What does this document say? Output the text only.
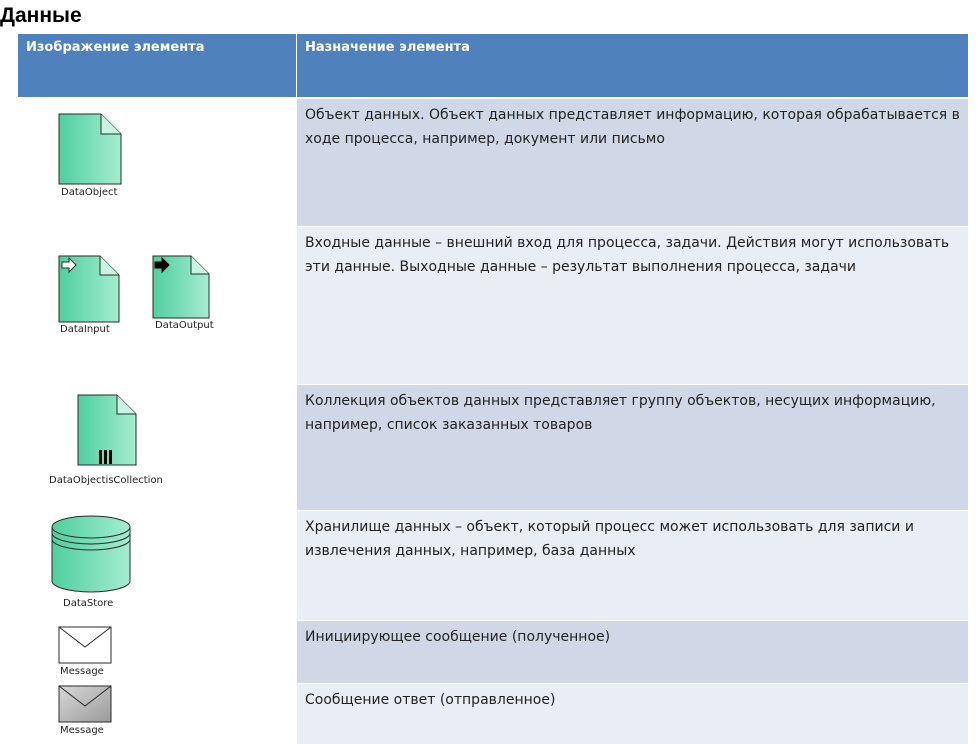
Данные
Изображение элемента	Назначение элемента
DataObject
Объект данных. Объект данных представляет информацию, которая обрабатывается в ходе процесса, например, документ или письмо
DataInput	DataOutput
Входные данные – внешний вход для процесса, задачи. Действия могут использовать эти данные. Выходные данные – результат выполнения процесса, задачи
DataObjectisCollection
Коллекция объектов данных представляет группу объектов, несущих информацию, например, список заказанных товаров
DataStore
Хранилище данных – объект, который процесс может использовать для записи и извлечения данных, например, база данных
Message
Инициирующее сообщение (полученное)
Message
Сообщение ответ (отправленное)
